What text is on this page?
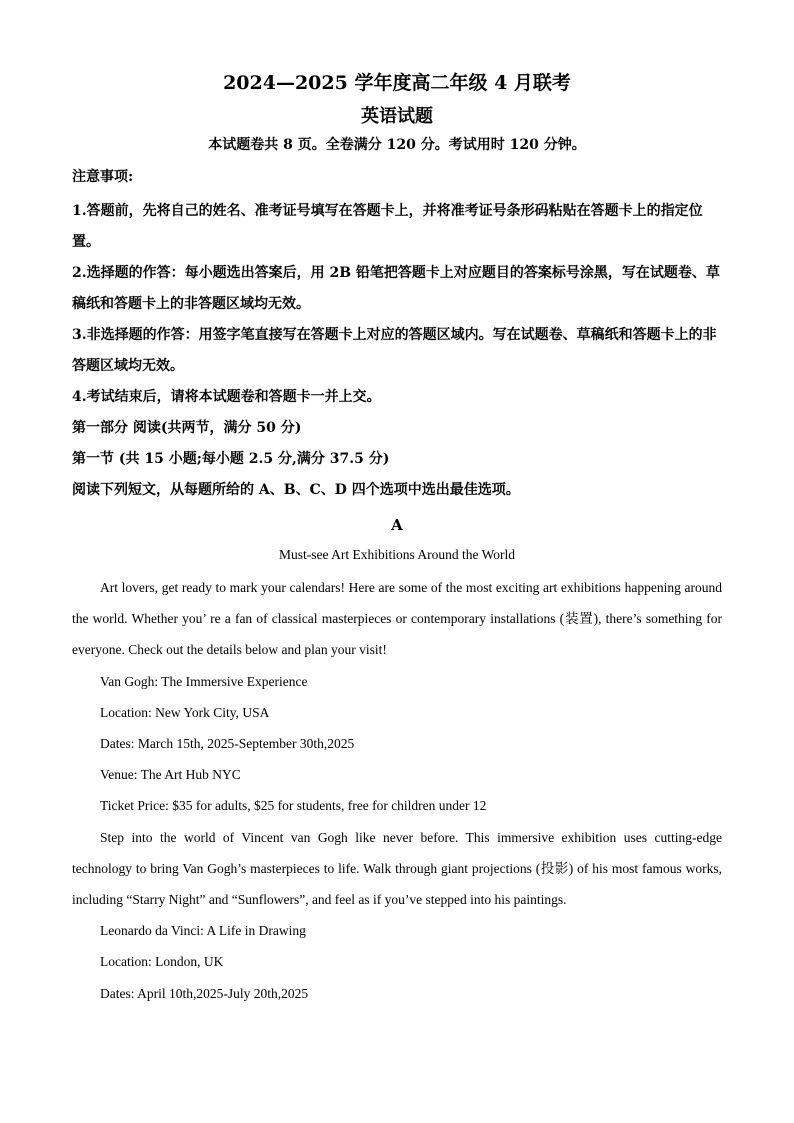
2024—2025 学年度高二年级 4 月联考
英语试题
本试题卷共 8 页。全卷满分 120 分。考试用时 120 分钟。
注意事项:

1.答题前，先将自己的姓名、准考证号填写在答题卡上，并将准考证号条形码粘贴在答题卡上的指定位置。

2.选择题的作答：每小题选出答案后，用 2B 铅笔把答题卡上对应题目的答案标号涂黑，写在试题卷、草稿纸和答题卡上的非答题区域均无效。

3.非选择题的作答：用签字笔直接写在答题卡上对应的答题区域内。写在试题卷、草稿纸和答题卡上的非答题区域均无效。

4.考试结束后，请将本试题卷和答题卡一并上交。

第一部分 阅读(共两节，满分 50 分)

第一节 (共 15 小题;每小题 2.5 分,满分 37.5 分)

阅读下列短文，从每题所给的 A、B、C、D 四个选项中选出最佳选项。

A
Must-see Art Exhibitions Around the World

Art lovers, get ready to mark your calendars! Here are some of the most exciting art exhibitions happening around the world. Whether you’ re a fan of classical masterpieces or contemporary installations (装置), there’s something for everyone. Check out the details below and plan your visit!

Van Gogh: The Immersive Experience

Location: New York City, USA

Dates: March 15th, 2025-September 30th,2025

Venue: The Art Hub NYC

Ticket Price: $35 for adults, $25 for students, free for children under 12

Step into the world of Vincent van Gogh like never before. This immersive exhibition uses cutting-edge technology to bring Van Gogh’s masterpieces to life. Walk through giant projections (投影) of his most famous works, including “Starry Night” and “Sunflowers”, and feel as if you’ve stepped into his paintings.

Leonardo da Vinci: A Life in Drawing

Location: London, UK

Dates: April 10th,2025-July 20th,2025
